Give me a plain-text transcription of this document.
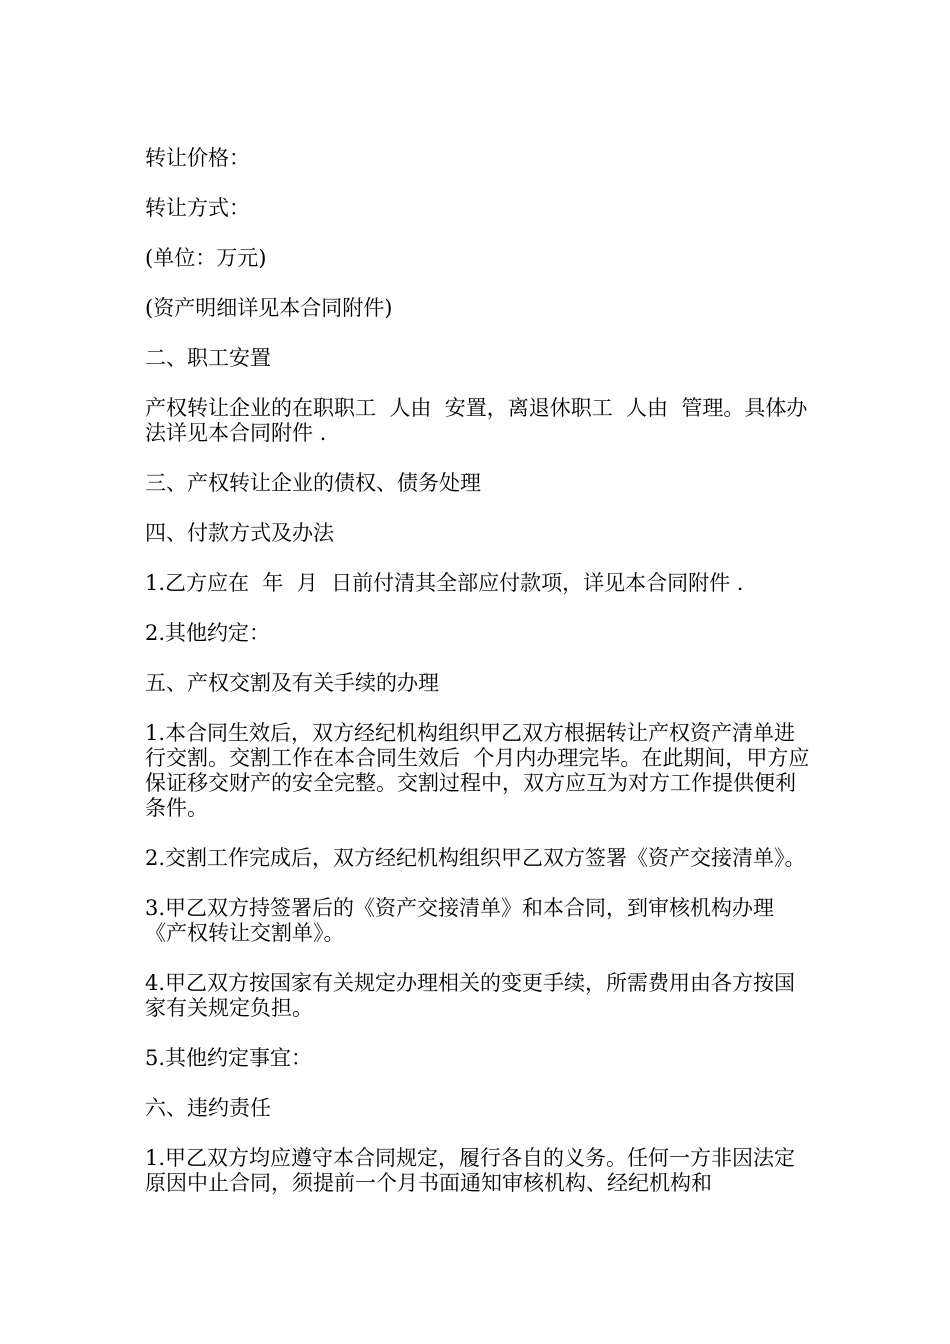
转让价格：

转让方式：

(单位：万元)

(资产明细详见本合同附件)

二、职工安置

产权转让企业的在职职工  人由  安置，离退休职工  人由  管理。具体办法详见本合同附件 .

三、产权转让企业的债权、债务处理

四、付款方式及办法

1.乙方应在  年  月  日前付清其全部应付款项，详见本合同附件 .

2.其他约定：

五、产权交割及有关手续的办理

1.本合同生效后，双方经纪机构组织甲乙双方根据转让产权资产清单进行交割。交割工作在本合同生效后  个月内办理完毕。在此期间，甲方应保证移交财产的安全完整。交割过程中，双方应互为对方工作提供便利条件。

2.交割工作完成后，双方经纪机构组织甲乙双方签署《资产交接清单》。

3.甲乙双方持签署后的《资产交接清单》和本合同，到审核机构办理《产权转让交割单》。

4.甲乙双方按国家有关规定办理相关的变更手续，所需费用由各方按国家有关规定负担。

5.其他约定事宜：

六、违约责任

1.甲乙双方均应遵守本合同规定，履行各自的义务。任何一方非因法定原因中止合同，须提前一个月书面通知审核机构、经纪机构和
